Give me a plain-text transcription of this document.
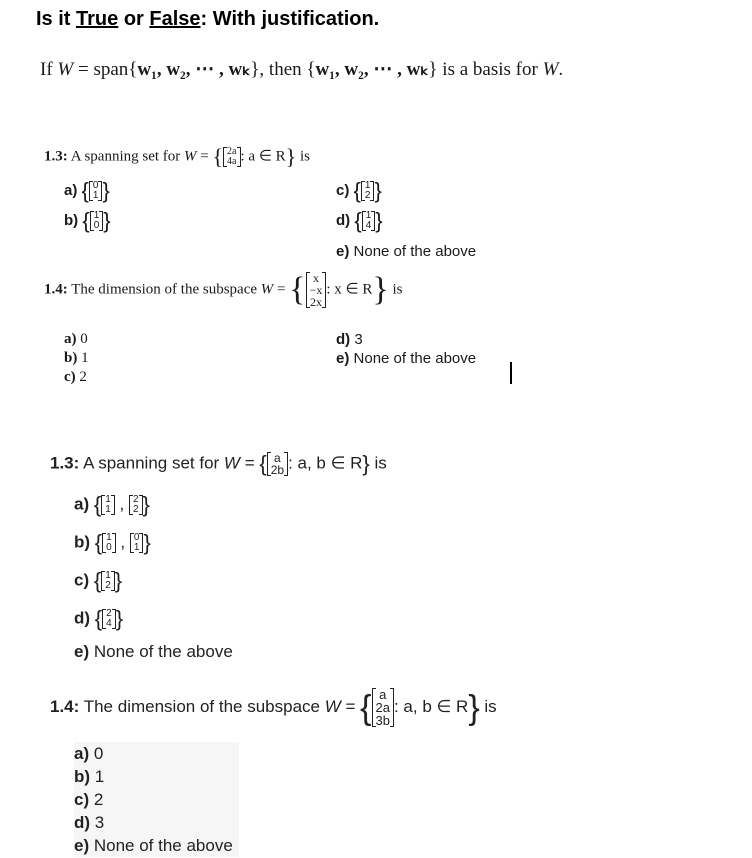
Is it True or False: With justification.
If W = span{w₁, w₂, ⋯ , wₖ}, then {w₁, w₂, ⋯ , wₖ} is a basis for W.
1.3: A spanning set for W = { 2a
4a : a ∈ R} is
a) { 0
1 }
b) { 1
0 }
c) { 1
2 }
d) { 1
4 }
e) None of the above
1.4: The dimension of the subspace W = { x
−x
2x
: x ∈ R} is
a) 0
b) 1
c) 2
d) 3
e) None of the above
1.3: A spanning set for W = { a
2b : a, b ∈ R} is
a) { 1
1 , 2
2 }
b) { 1
0 , 0
1 }
c) { 1
2 }
d) { 2
4 }
e) None of the above
1.4: The dimension of the subspace W = { a
2a
3b
: a, b ∈ R} is
a) 0
b) 1
c) 2
d) 3
e) None of the above
